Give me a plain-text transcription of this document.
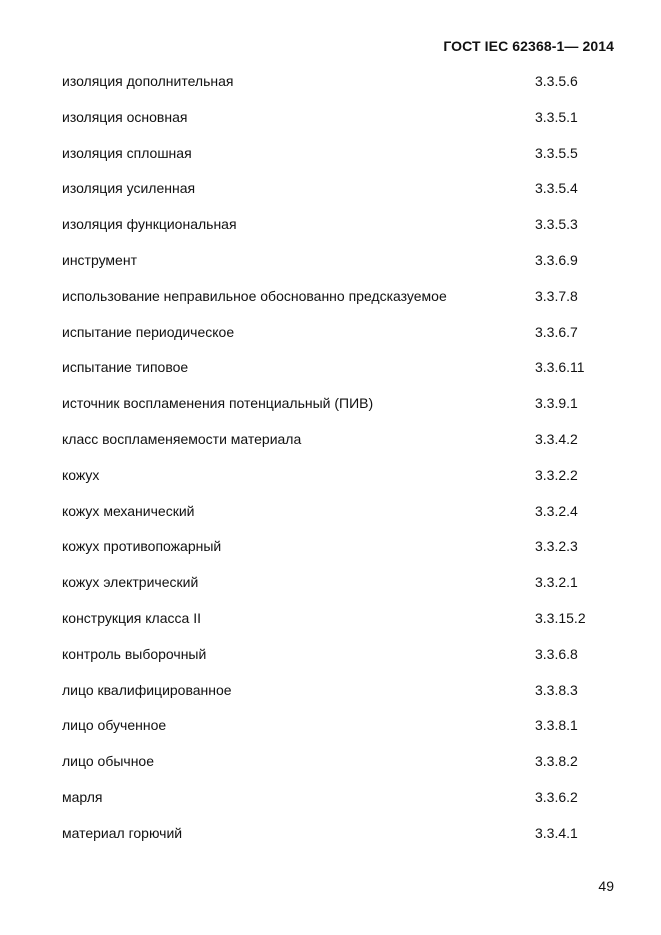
ГОСТ IEC 62368-1— 2014
изоляция дополнительная	3.3.5.6
изоляция основная	3.3.5.1
изоляция сплошная	3.3.5.5
изоляция усиленная	3.3.5.4
изоляция функциональная	3.3.5.3
инструмент	3.3.6.9
использование неправильное обоснованно предсказуемое	3.3.7.8
испытание периодическое	3.3.6.7
испытание типовое	3.3.6.11
источник воспламенения потенциальный (ПИВ)	3.3.9.1
класс воспламеняемости материала	3.3.4.2
кожух	3.3.2.2
кожух механический	3.3.2.4
кожух противопожарный	3.3.2.3
кожух электрический	3.3.2.1
конструкция класса II	3.3.15.2
контроль выборочный	3.3.6.8
лицо квалифицированное	3.3.8.3
лицо обученное	3.3.8.1
лицо обычное	3.3.8.2
марля	3.3.6.2
материал горючий	3.3.4.1
49
